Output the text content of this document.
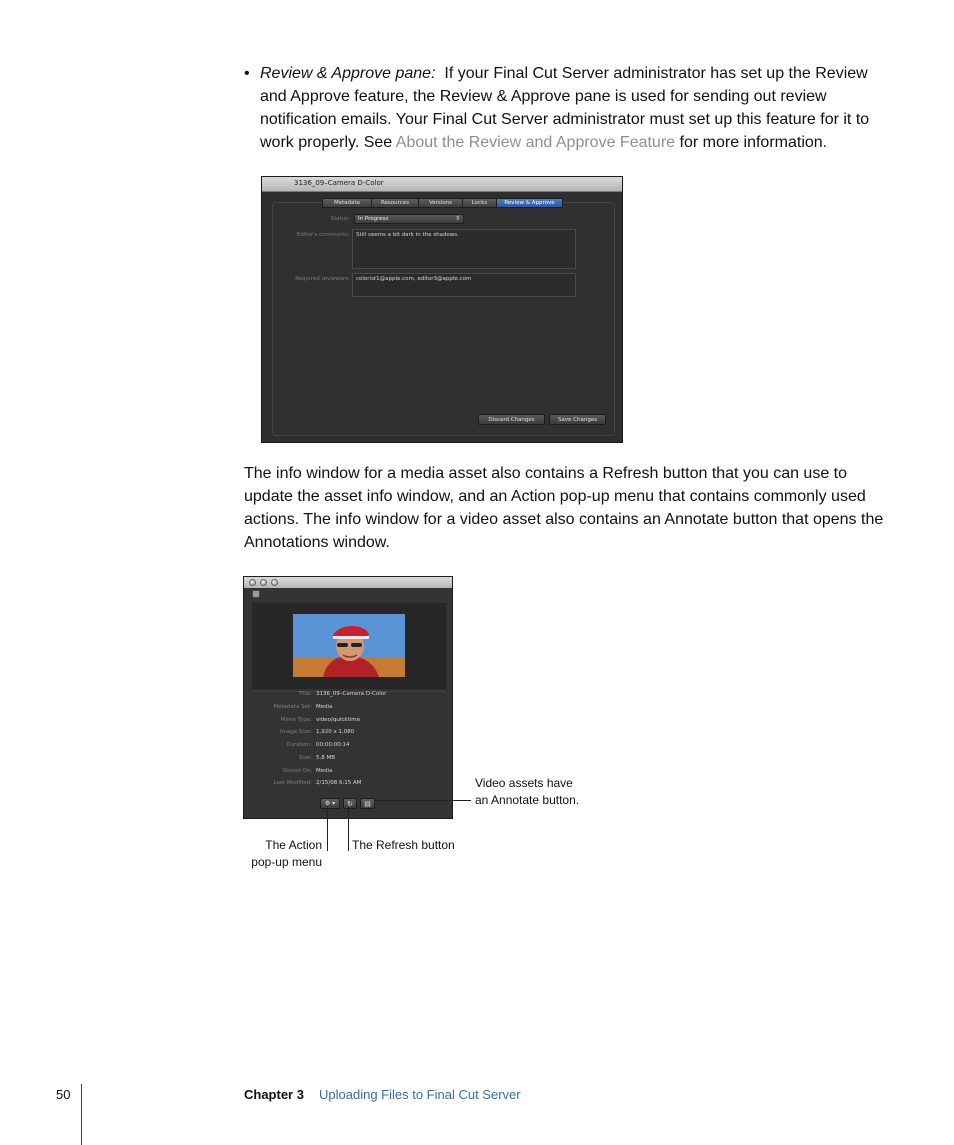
• Review & Approve pane: If your Final Cut Server administrator has set up the Review and Approve feature, the Review & Approve pane is used for sending out review notification emails. Your Final Cut Server administrator must set up this feature for it to work properly. See About the Review and Approve Feature for more information.
3136_09–Camera D-Color
Metadata	Resources	Versions	Locks	Review & Approve
Status: In Progress	⇕
Editor's comments: Still seems a bit dark in the shadows.
Required reviewers: colorist1@apple.com, editor3@apple.com
Discard Changes	Save Changes
The info window for a media asset also contains a Refresh button that you can use to update the asset info window, and an Action pop-up menu that contains commonly used actions. The info window for a video asset also contains an Annotate button that opens the Annotations window.
Title: 3136_09–Camera D-Color
Metadata Set: Media
Mime Type: video/quicktime
Image Size: 1,920 x 1,080
Duration: 00:00:00:14
Size: 5.8 MB
Stored On: Media
Last Modified: 2/15/08 6:15 AM
⚙ ▾	↻	▤
Video assets have
an Annotate button.
The Action
pop-up menu
The Refresh button
50	Chapter 3 Uploading Files to Final Cut Server
